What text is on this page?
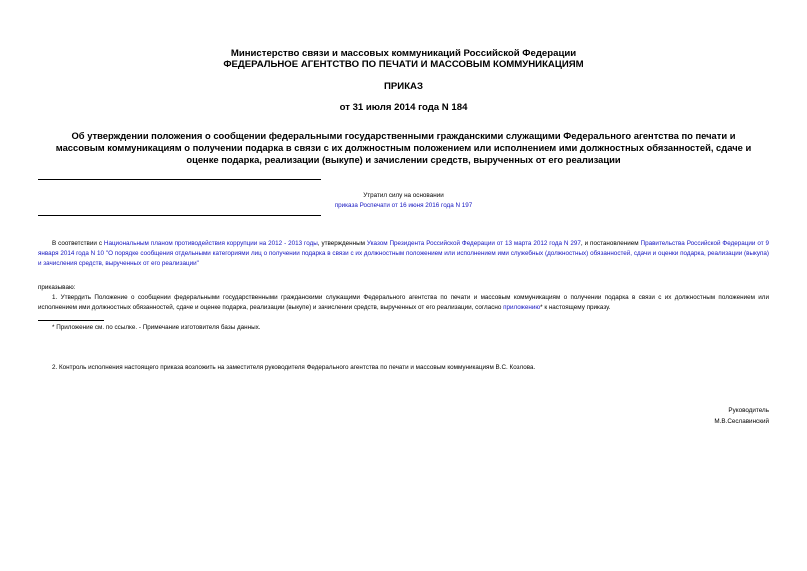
Министерство связи и массовых коммуникаций Российской Федерации

ФЕДЕРАЛЬНОЕ АГЕНТСТВО ПО ПЕЧАТИ И МАССОВЫМ КОММУНИКАЦИЯМ

ПРИКАЗ

от 31 июля 2014 года N 184

Об утверждении положения о сообщении федеральными государственными гражданскими служащими Федерального агентства по печати и массовым коммуникациям о получении подарка в связи с их должностным положением или исполнением ими должностных обязанностей, сдаче и оценке подарка, реализации (выкупе) и зачислении средств, вырученных от его реализации

Утратил силу на основании
приказа Роспечати от 16 июня 2016 года N 197

В соответствии с Национальным планом противодействия коррупции на 2012 - 2013 годы, утвержденным Указом Президента Российской Федерации от 13 марта 2012 года N 297, и постановлением Правительства Российской Федерации от 9 января 2014 года N 10 "О порядке сообщения отдельными категориями лиц о получении подарка в связи с их должностным положением или исполнением ими служебных (должностных) обязанностей, сдачи и оценки подарка, реализации (выкупа) и зачисления средств, вырученных от его реализации"

приказываю:

1. Утвердить Положение о сообщении федеральными государственными гражданскими служащими Федерального агентства по печати и массовым коммуникациям о получении подарка в связи с их должностным положением или исполнением ими должностных обязанностей, сдаче и оценке подарка, реализации (выкупе) и зачислении средств, вырученных от его реализации, согласно приложению* к настоящему приказу.

* Приложение см. по ссылке. - Примечание изготовителя базы данных.

2. Контроль исполнения настоящего приказа возложить на заместителя руководителя Федерального агентства по печати и массовым коммуникациям В.С. Козлова.

Руководитель
М.В.Сеславинский
